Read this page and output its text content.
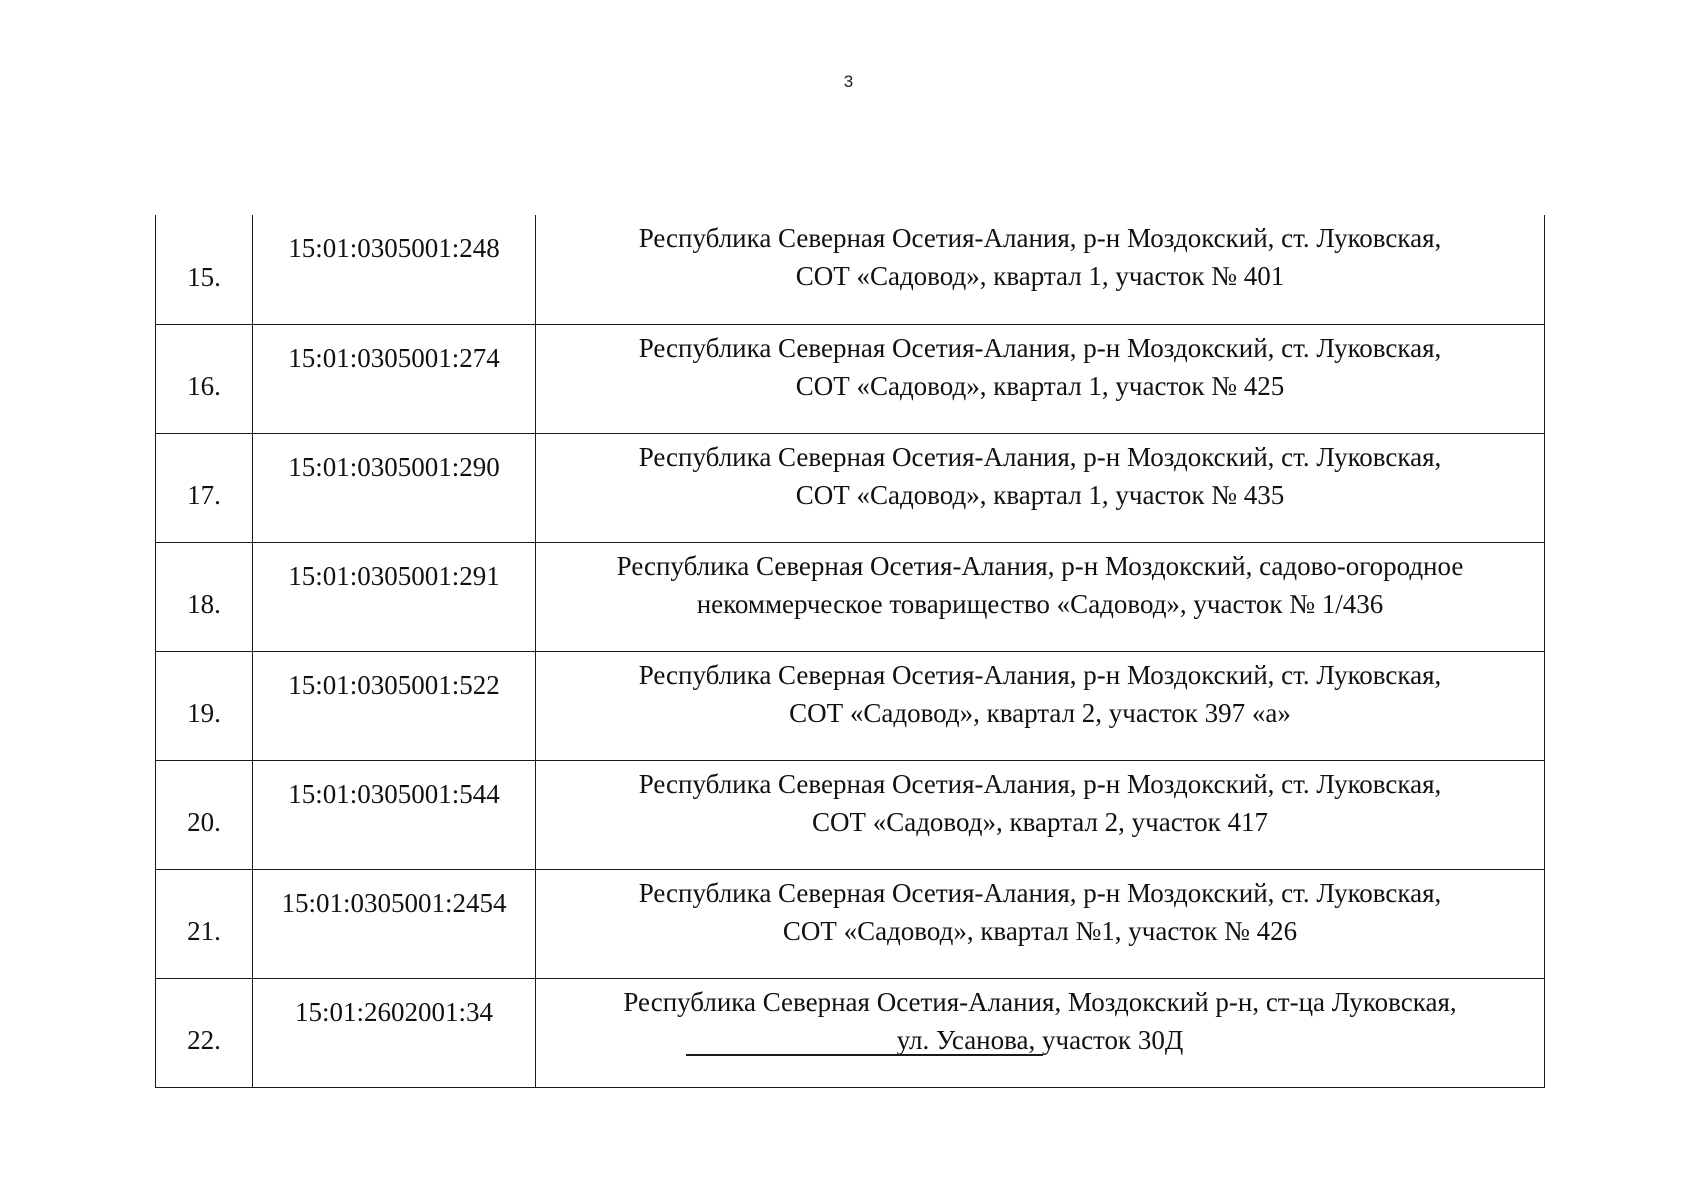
3
15.	15:01:0305001:248	Республика Северная Осетия-Алания, р-н Моздокский, ст. Луковская,
СОТ «Садовод», квартал 1, участок № 401

16.	15:01:0305001:274	Республика Северная Осетия-Алания, р-н Моздокский, ст. Луковская,
СОТ «Садовод», квартал 1, участок № 425

17.	15:01:0305001:290	Республика Северная Осетия-Алания, р-н Моздокский, ст. Луковская,
СОТ «Садовод», квартал 1, участок № 435

18.	15:01:0305001:291	Республика Северная Осетия-Алания, р-н Моздокский, садово-огородное
некоммерческое товарищество «Садовод», участок № 1/436

19.	15:01:0305001:522	Республика Северная Осетия-Алания, р-н Моздокский, ст. Луковская,
СОТ «Садовод», квартал 2, участок 397 «а»

20.	15:01:0305001:544	Республика Северная Осетия-Алания, р-н Моздокский, ст. Луковская,
СОТ «Садовод», квартал 2, участок 417

21.	15:01:0305001:2454	Республика Северная Осетия-Алания, р-н Моздокский, ст. Луковская,
СОТ «Садовод», квартал №1, участок № 426

22.	15:01:2602001:34	Республика Северная Осетия-Алания, Моздокский р-н, ст-ца Луковская,
ул. Усанова, участок 30Д
